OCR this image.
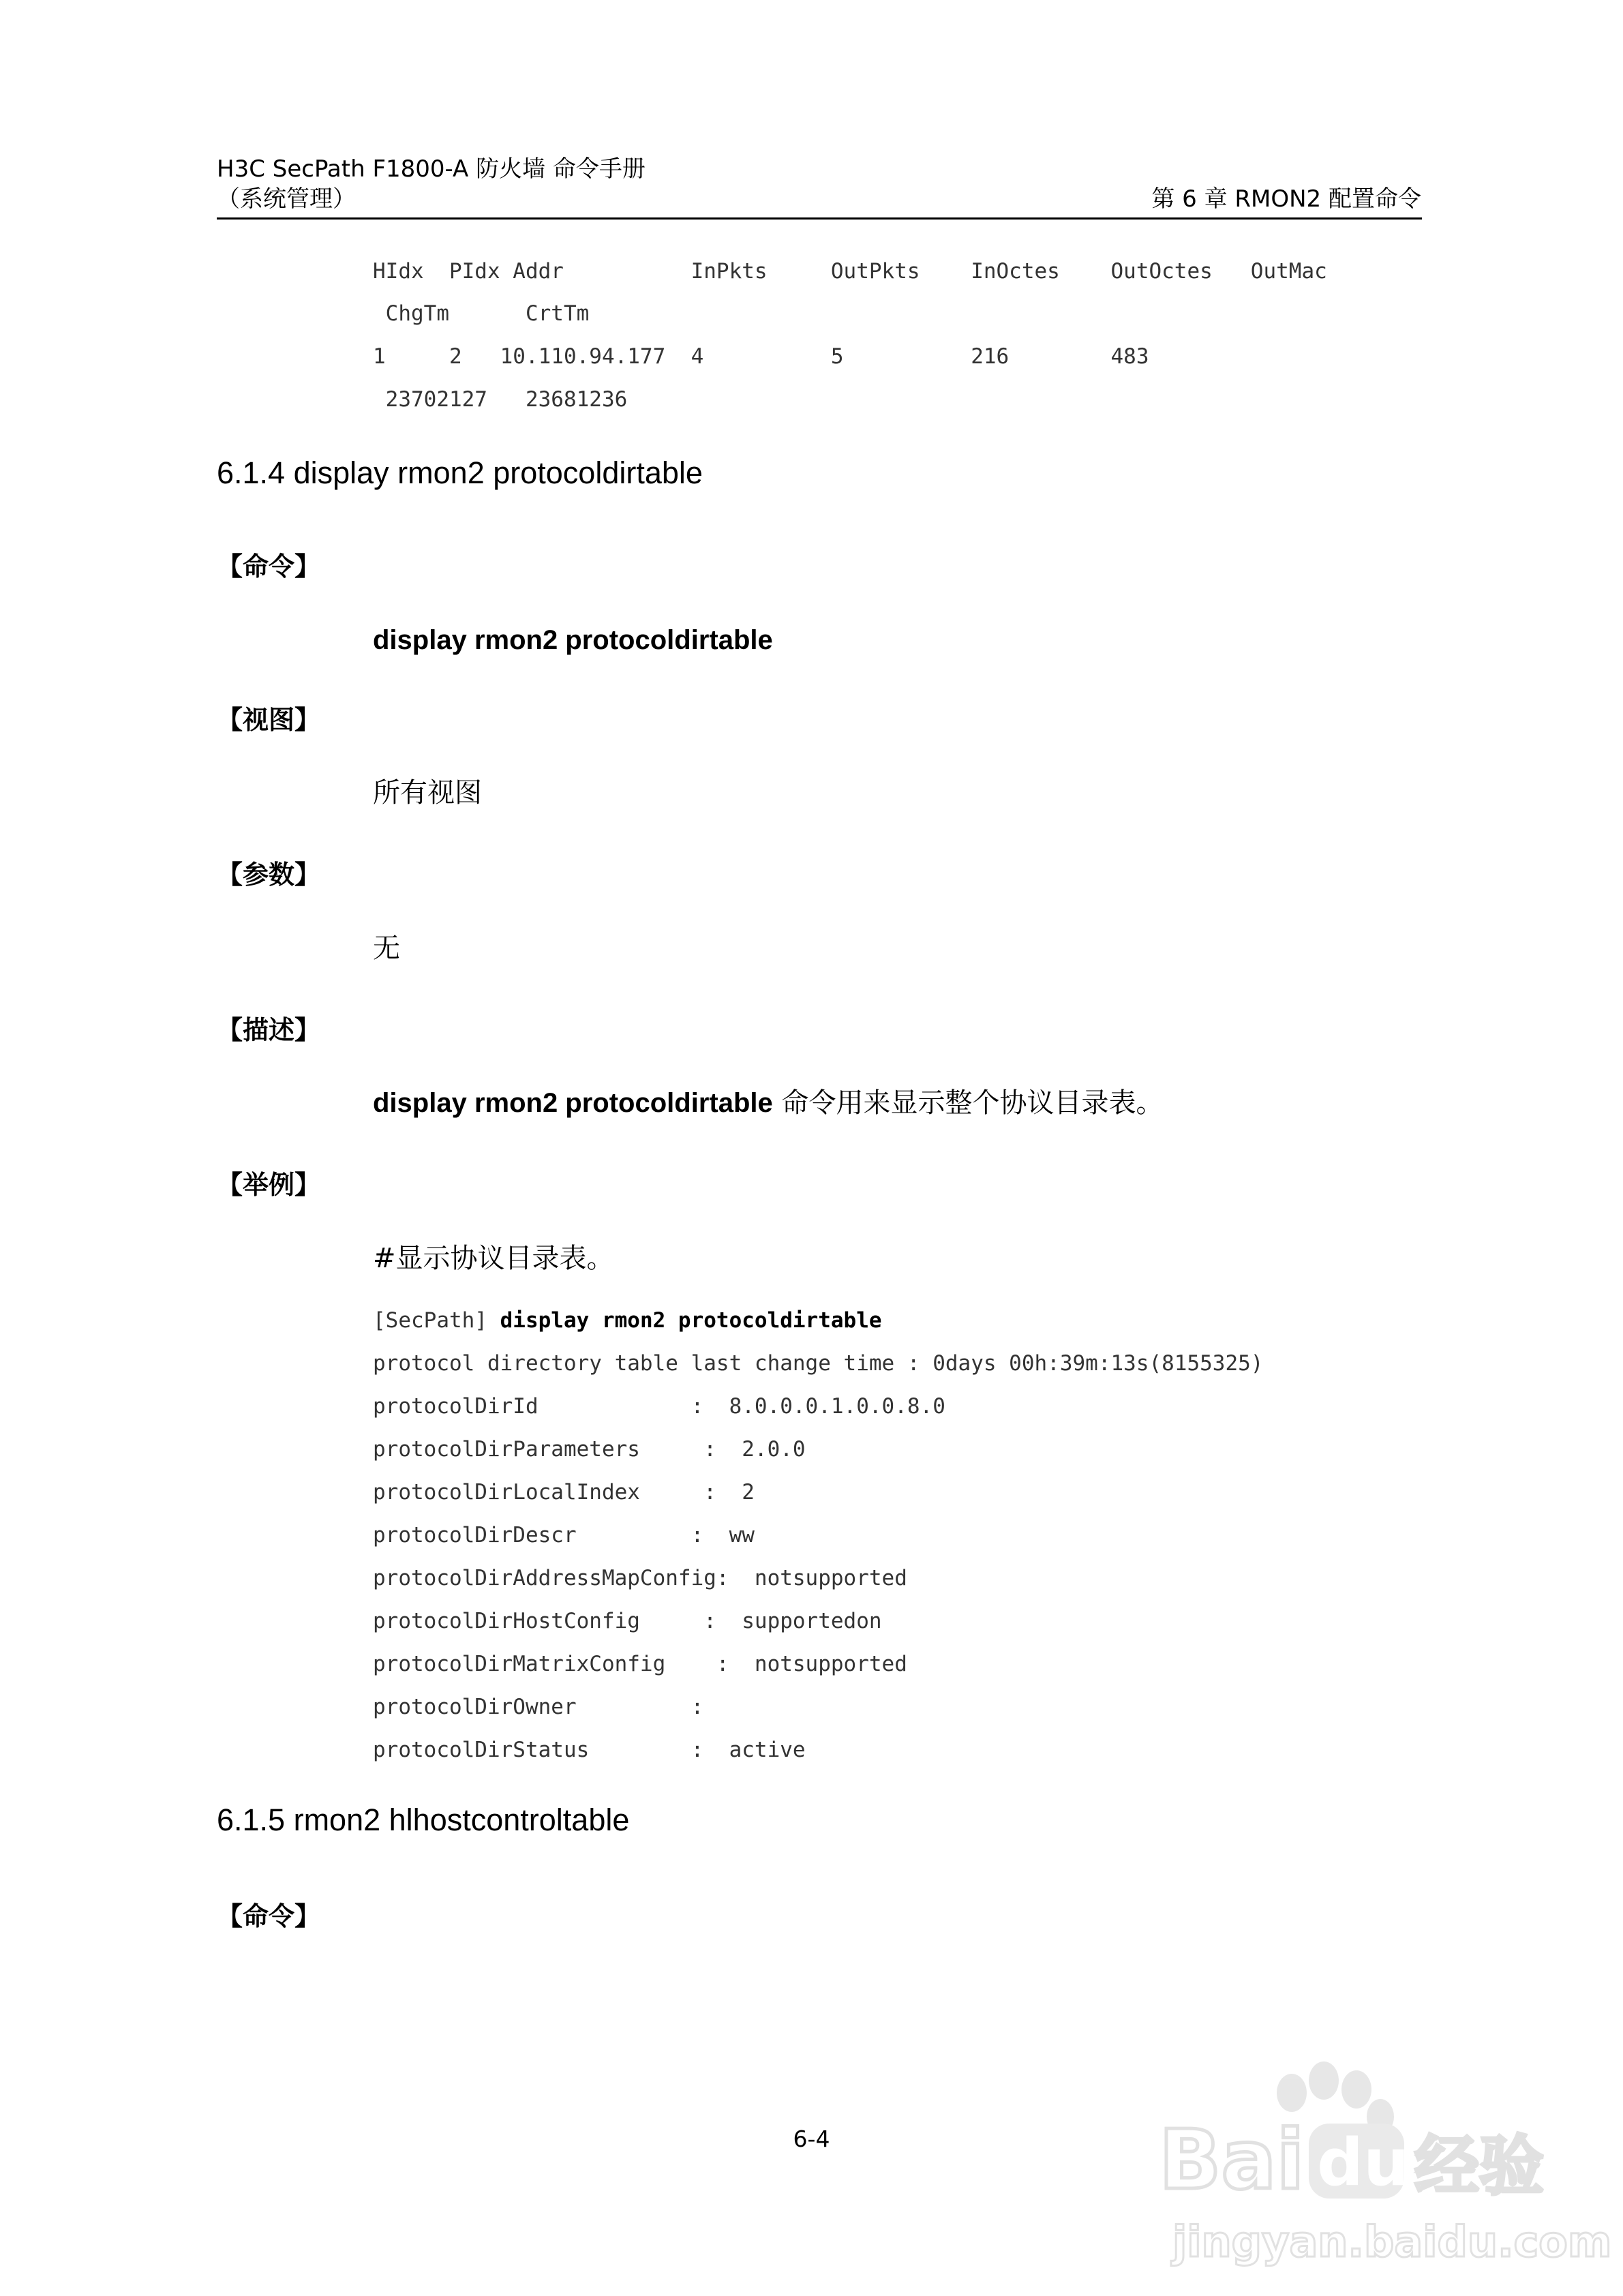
H3C SecPath F1800-A 防火墙 命令手册
（系统管理）	第 6 章 RMON2 配置命令
HIdx  PIdx Addr          InPkts     OutPkts    InOctes    OutOctes   OutMac
ChgTm      CrtTm
1     2   10.110.94.177  4          5          216        483
23702127   23681236
6.1.4 display rmon2 protocoldirtable
【命令】
display rmon2 protocoldirtable
【视图】
所有视图
【参数】
无
【描述】
display rmon2 protocoldirtable 命令用来显示整个协议目录表。
【举例】
#显示协议目录表。
[SecPath] display rmon2 protocoldirtable
protocol directory table last change time : 0days 00h:39m:13s(8155325)
protocolDirId            :  8.0.0.0.1.0.0.8.0
protocolDirParameters     :  2.0.0
protocolDirLocalIndex     :  2
protocolDirDescr         :  ww
protocolDirAddressMapConfig:  notsupported
protocolDirHostConfig     :  supportedon
protocolDirMatrixConfig    :  notsupported
protocolDirOwner         :
protocolDirStatus        :  active
6.1.5 rmon2 hlhostcontroltable
【命令】
6-4	Bai du 经验
jingyan.baidu.com
